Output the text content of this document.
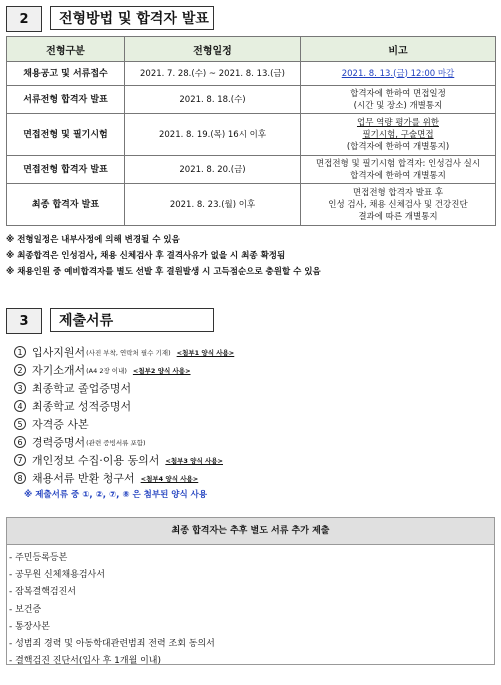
2	전형방법 및 합격자 발표
전형구분	전형일정	비고
채용공고 및 서류접수	2021. 7. 28.(수) ~ 2021. 8. 13.(금)	2021. 8. 13.(금) 12:00 마감
서류전형 합격자 발표	2021. 8. 18.(수)	합격자에 한하여 면접일정
(시간 및 장소) 개별통지

면접전형 및 필기시험	2021. 8. 19.(목) 16시 이후	업무 역량 평가를 위한
필기시험, 구술면접
(합격자에 한하여 개별통지)

면접전형 합격자 발표	2021. 8. 20.(금)	면접전형 및 필기시험 합격자: 인성검사 실시
합격자에 한하여 개별통지

최종 합격자 발표	2021. 8. 23.(월) 이후	면접전형 합격자 발표 후
인성 검사, 채용 신체검사 및 건강진단
결과에 따른 개별통지
※ 전형일정은 내부사정에 의해 변경될 수 있음
※ 최종합격은 인성검사, 채용 신체검사 후 결격사유가 없을 시 최종 확정됨
※ 채용인원 중 예비합격자를 별도 선발 후 결원발생 시 고득점순으로 충원할 수 있음
3	제출서류
1 입사지원서 (사진 부착, 연락처 필수 기재) <첨부1 양식 사용>
2 자기소개서 (A4 2장 이내) <첨부2 양식 사용>
3 최종학교 졸업증명서
4 최종학교 성적증명서
5 자격증 사본
6 경력증명서 (관련 증빙서류 포함)
7 개인정보 수집·이용 동의서 <첨부3 양식 사용>
8 채용서류 반환 청구서 <첨부4 양식 사용>
※ 제출서류 중 ①, ②, ⑦, ⑧ 은 첨부된 양식 사용
최종 합격자는 추후 별도 서류 추가 제출
- 주민등록등본
- 공무원 신체채용검사서
- 잠복결핵검진서
- 보건증
- 통장사본
- 성범죄 경력 및 아동학대관련범죄 전력 조회 동의서
- 결핵검진 진단서(입사 후 1개월 이내)
